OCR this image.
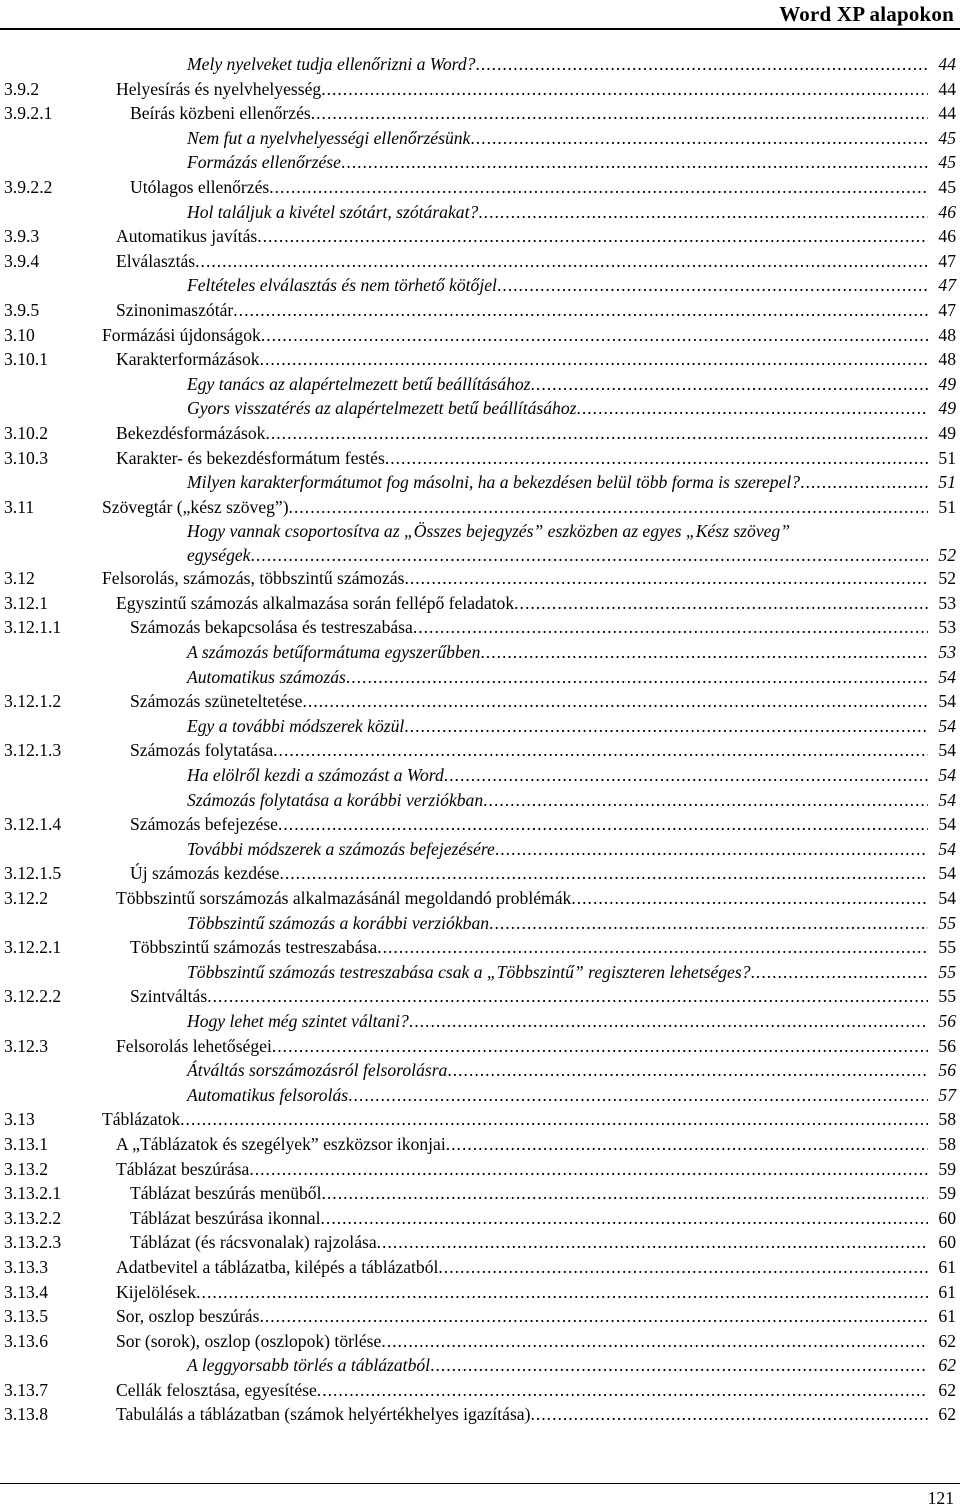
Word XP alapokon
Mely nyelveket tudja ellenőrizni a Word? .....	44
3.9.2	Helyesírás és nyelvhelyesség .....	44
3.9.2.1	Beírás közbeni ellenőrzés .....	44
Nem fut a nyelvhelyességi ellenőrzésünk .....	45
Formázás ellenőrzése .....	45
3.9.2.2	Utólagos ellenőrzés .....	45
Hol találjuk a kivétel szótárt, szótárakat? .....	46
3.9.3	Automatikus javítás .....	46
3.9.4	Elválasztás .....	47
Feltételes elválasztás és nem törhető kötőjel .....	47
3.9.5	Szinonimaszótár .....	47
3.10	Formázási újdonságok .....	48
3.10.1	Karakterformázások .....	48
Egy tanács az alapértelmezett betű beállításához .....	49
Gyors visszatérés az alapértelmezett betű beállításához .....	49
3.10.2	Bekezdésformázások .....	49
3.10.3	Karakter- és bekezdésformátum festés .....	51
Milyen karakterformátumot fog másolni, ha a bekezdésen belül több forma is szerepel? .....	51
3.11	Szövegtár („kész szöveg”) .....	51
Hogy vannak csoportosítva az „Összes bejegyzés” eszközben az egyes „Kész szöveg”
egységek .....	52
3.12	Felsorolás, számozás, többszintű számozás .....	52
3.12.1	Egyszintű számozás alkalmazása során fellépő feladatok .....	53
3.12.1.1	Számozás bekapcsolása és testreszabása .....	53
A számozás betűformátuma egyszerűbben .....	53
Automatikus számozás .....	54
3.12.1.2	Számozás szüneteltetése .....	54
Egy a további módszerek közül .....	54
3.12.1.3	Számozás folytatása .....	54
Ha elölről kezdi a számozást a Word .....	54
Számozás folytatása a korábbi verziókban .....	54
3.12.1.4	Számozás befejezése .....	54
További módszerek a számozás befejezésére .....	54
3.12.1.5	Új számozás kezdése .....	54
3.12.2	Többszintű sorszámozás alkalmazásánál megoldandó problémák .....	54
Többszintű számozás a korábbi verziókban .....	55
3.12.2.1	Többszintű számozás testreszabása .....	55
Többszintű számozás testreszabása csak a „Többszintű” regiszteren lehetséges? .....	55
3.12.2.2	Szintváltás .....	55
Hogy lehet még szintet váltani? .....	56
3.12.3	Felsorolás lehetőségei .....	56
Átváltás sorszámozásról felsorolásra .....	56
Automatikus felsorolás .....	57
3.13	Táblázatok .....	58
3.13.1	A „Táblázatok és szegélyek” eszközsor ikonjai .....	58
3.13.2	Táblázat beszúrása .....	59
3.13.2.1	Táblázat beszúrás menüből .....	59
3.13.2.2	Táblázat beszúrása ikonnal .....	60
3.13.2.3	Táblázat (és rácsvonalak) rajzolása .....	60
3.13.3	Adatbevitel a táblázatba, kilépés a táblázatból .....	61
3.13.4	Kijelölések .....	61
3.13.5	Sor, oszlop beszúrás .....	61
3.13.6	Sor (sorok), oszlop (oszlopok) törlése .....	62
A leggyorsabb törlés a táblázatból .....	62
3.13.7	Cellák felosztása, egyesítése .....	62
3.13.8	Tabulálás a táblázatban (számok helyértékhelyes igazítása) .....	62
121
